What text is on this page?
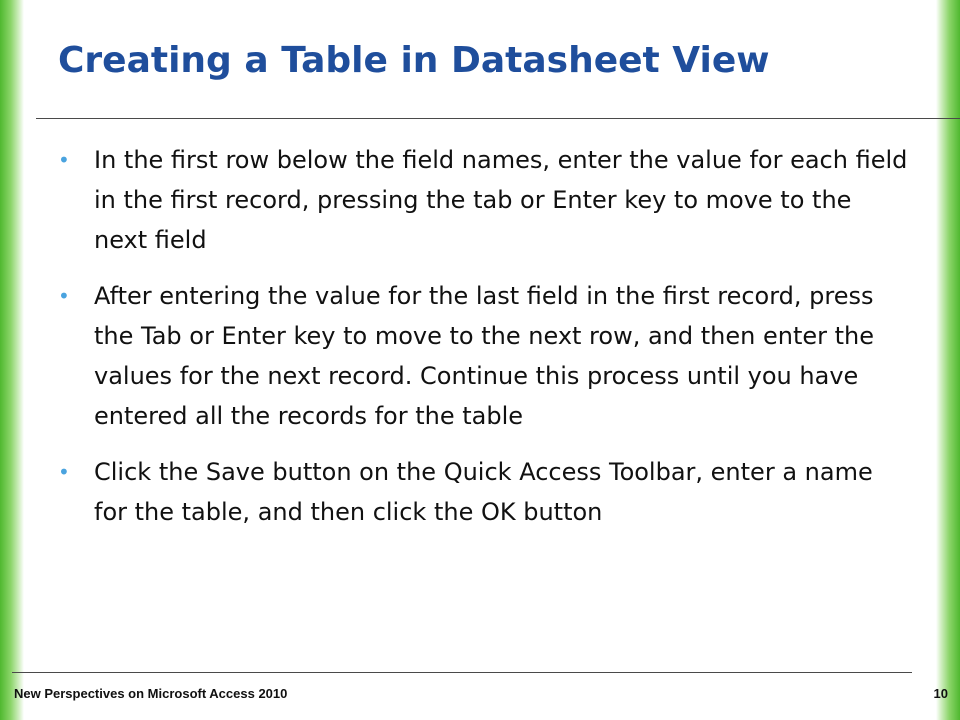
Creating a Table in Datasheet View
• In the first row below the field names, enter the value for each field in the first record, pressing the tab or Enter key to move to the next field
• After entering the value for the last field in the first record, press the Tab or Enter key to move to the next row, and then enter the values for the next record. Continue this process until you have entered all the records for the table
• Click the Save button on the Quick Access Toolbar, enter a name for the table, and then click the OK button
New Perspectives on Microsoft Access 2010	10
